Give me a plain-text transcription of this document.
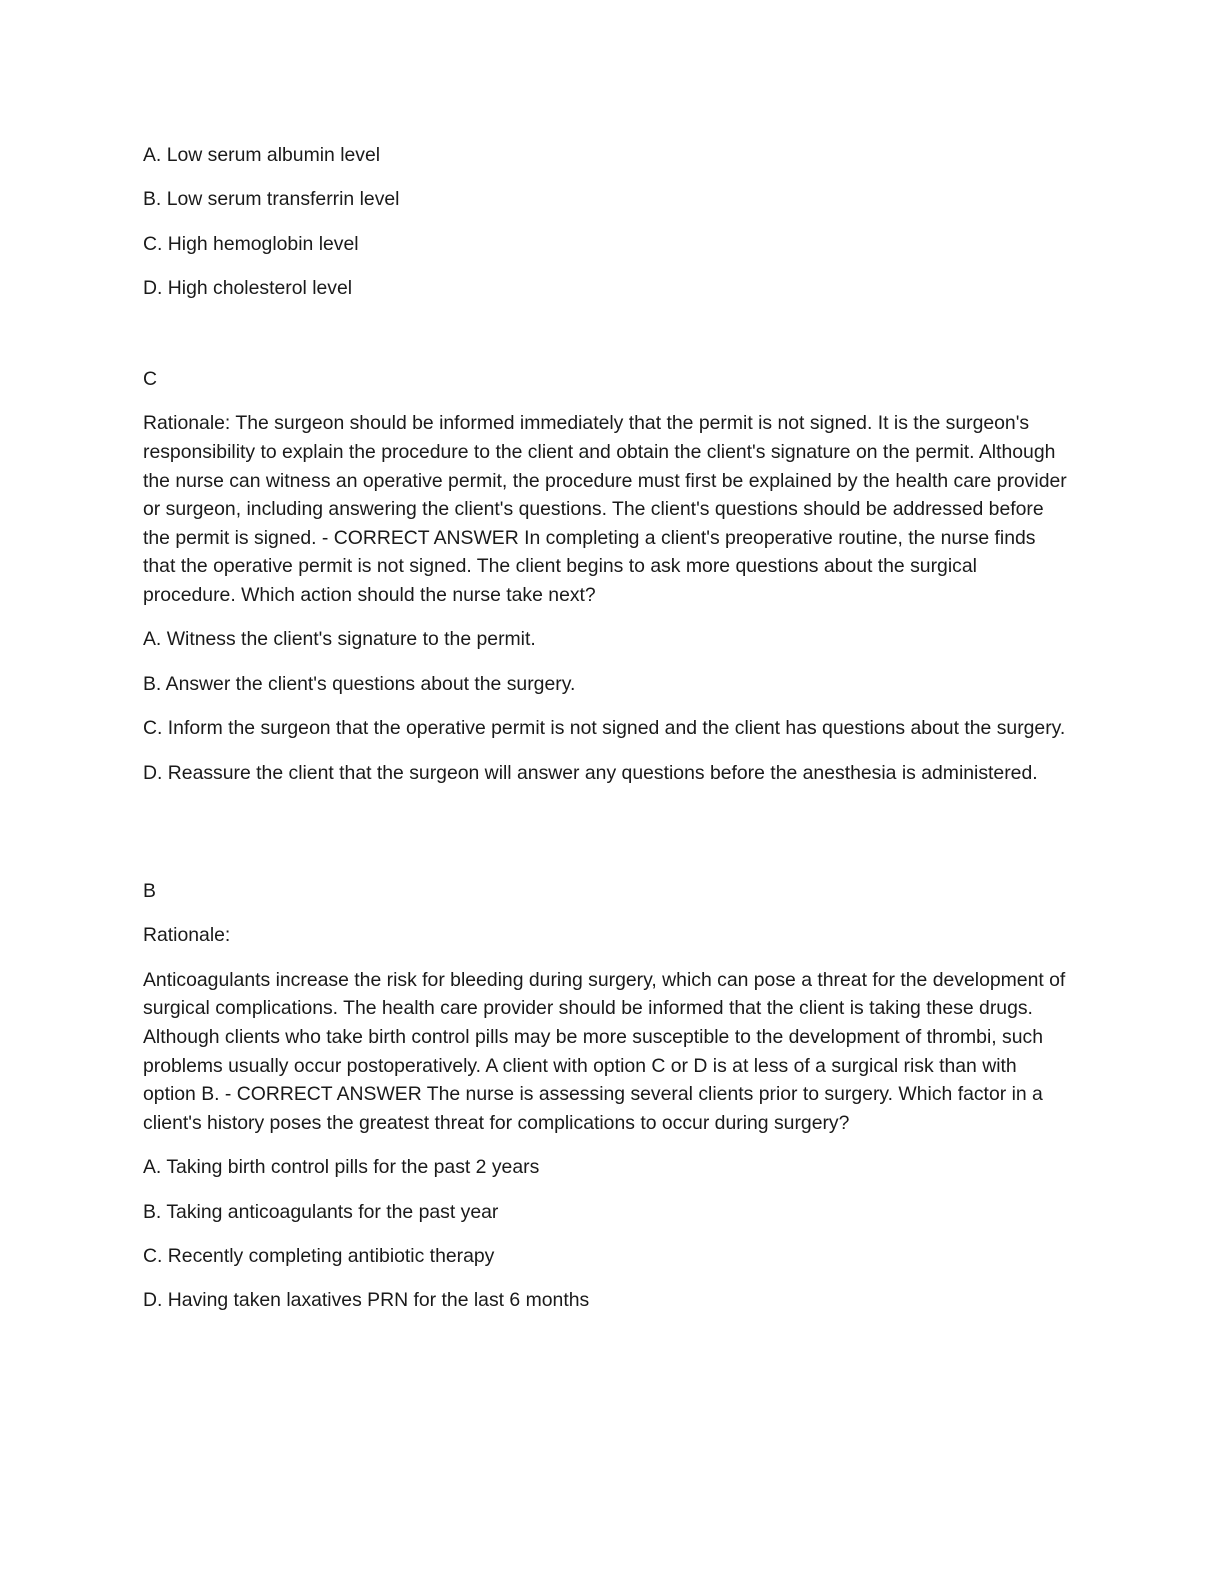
A. Low serum albumin level

B. Low serum transferrin level

C. High hemoglobin level

D. High cholesterol level

C

Rationale: The surgeon should be informed immediately that the permit is not signed. It is the surgeon's responsibility to explain the procedure to the client and obtain the client's signature on the permit. Although the nurse can witness an operative permit, the procedure must first be explained by the health care provider or surgeon, including answering the client's questions. The client's questions should be addressed before the permit is signed. - CORRECT ANSWER In completing a client's preoperative routine, the nurse finds that the operative permit is not signed. The client begins to ask more questions about the surgical procedure. Which action should the nurse take next?

A. Witness the client's signature to the permit.

B. Answer the client's questions about the surgery.

C. Inform the surgeon that the operative permit is not signed and the client has questions about the surgery.

D. Reassure the client that the surgeon will answer any questions before the anesthesia is administered.

B

Rationale:

Anticoagulants increase the risk for bleeding during surgery, which can pose a threat for the development of surgical complications. The health care provider should be informed that the client is taking these drugs. Although clients who take birth control pills may be more susceptible to the development of thrombi, such problems usually occur postoperatively. A client with option C or D is at less of a surgical risk than with option B. - CORRECT ANSWER The nurse is assessing several clients prior to surgery. Which factor in a client's history poses the greatest threat for complications to occur during surgery?

A. Taking birth control pills for the past 2 years

B. Taking anticoagulants for the past year

C. Recently completing antibiotic therapy

D. Having taken laxatives PRN for the last 6 months
